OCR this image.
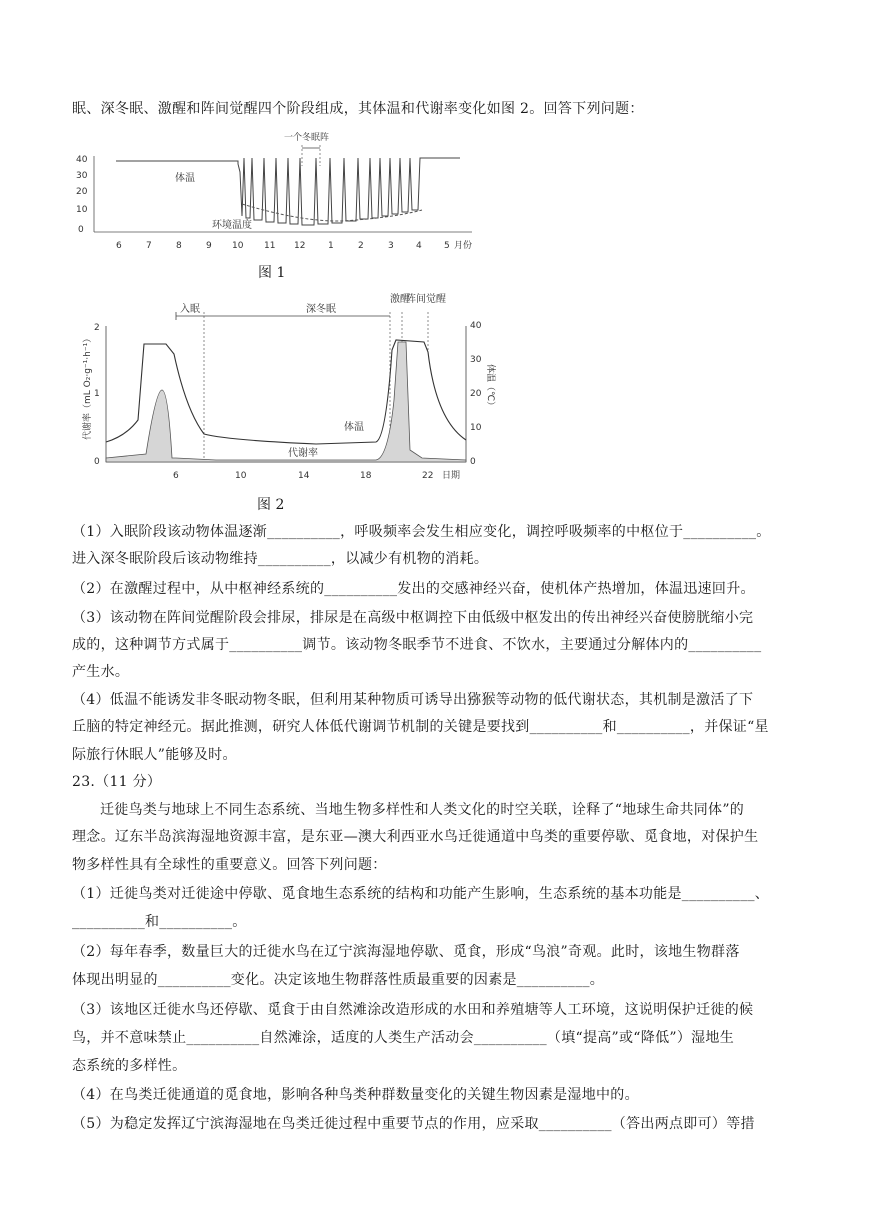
眠、深冬眠、激醒和阵间觉醒四个阶段组成，其体温和代谢率变化如图 2。回答下列问题：
40
30
20
10
0
6	7	8	9 10 11 12	1	2	3 4 5 月份
一个冬眠阵
体温
环境温度
图 1
2
1
0
40
30
20
10
0
6	10	14	18	22 日期
代谢率（mL O₂·g⁻¹·h⁻¹）	体温（℃）
入眠	深冬眠
激醒
阵间觉醒
体温
代谢率
图 2
（1）入眠阶段该动物体温逐渐__________，呼吸频率会发生相应变化，调控呼吸频率的中枢位于__________。
进入深冬眠阶段后该动物维持__________，以减少有机物的消耗。
（2）在激醒过程中，从中枢神经系统的__________发出的交感神经兴奋，使机体产热增加，体温迅速回升。
（3）该动物在阵间觉醒阶段会排尿，排尿是在高级中枢调控下由低级中枢发出的传出神经兴奋使膀胱缩小完
成的，这种调节方式属于__________调节。该动物冬眠季节不进食、不饮水，主要通过分解体内的__________
产生水。
（4）低温不能诱发非冬眠动物冬眠，但利用某种物质可诱导出猕猴等动物的低代谢状态，其机制是激活了下
丘脑的特定神经元。据此推测，研究人体低代谢调节机制的关键是要找到__________和__________，并保证“星
际旅行休眠人”能够及时。
23.（11 分）
迁徙鸟类与地球上不同生态系统、当地生物多样性和人类文化的时空关联，诠释了“地球生命共同体”的
理念。辽东半岛滨海湿地资源丰富，是东亚—澳大利西亚水鸟迁徙通道中鸟类的重要停歇、觅食地，对保护生
物多样性具有全球性的重要意义。回答下列问题：
（1）迁徙鸟类对迁徙途中停歇、觅食地生态系统的结构和功能产生影响，生态系统的基本功能是__________、
__________和__________。
（2）每年春季，数量巨大的迁徙水鸟在辽宁滨海湿地停歇、觅食，形成“鸟浪”奇观。此时，该地生物群落
体现出明显的__________变化。决定该地生物群落性质最重要的因素是__________。
（3）该地区迁徙水鸟还停歇、觅食于由自然滩涂改造形成的水田和养殖塘等人工环境，这说明保护迁徙的候
鸟，并不意味禁止__________自然滩涂，适度的人类生产活动会__________（填“提高”或“降低”）湿地生
态系统的多样性。
（4）在鸟类迁徙通道的觅食地，影响各种鸟类种群数量变化的关键生物因素是湿地中的。
（5）为稳定发挥辽宁滨海湿地在鸟类迁徙过程中重要节点的作用，应采取__________（答出两点即可）等措
